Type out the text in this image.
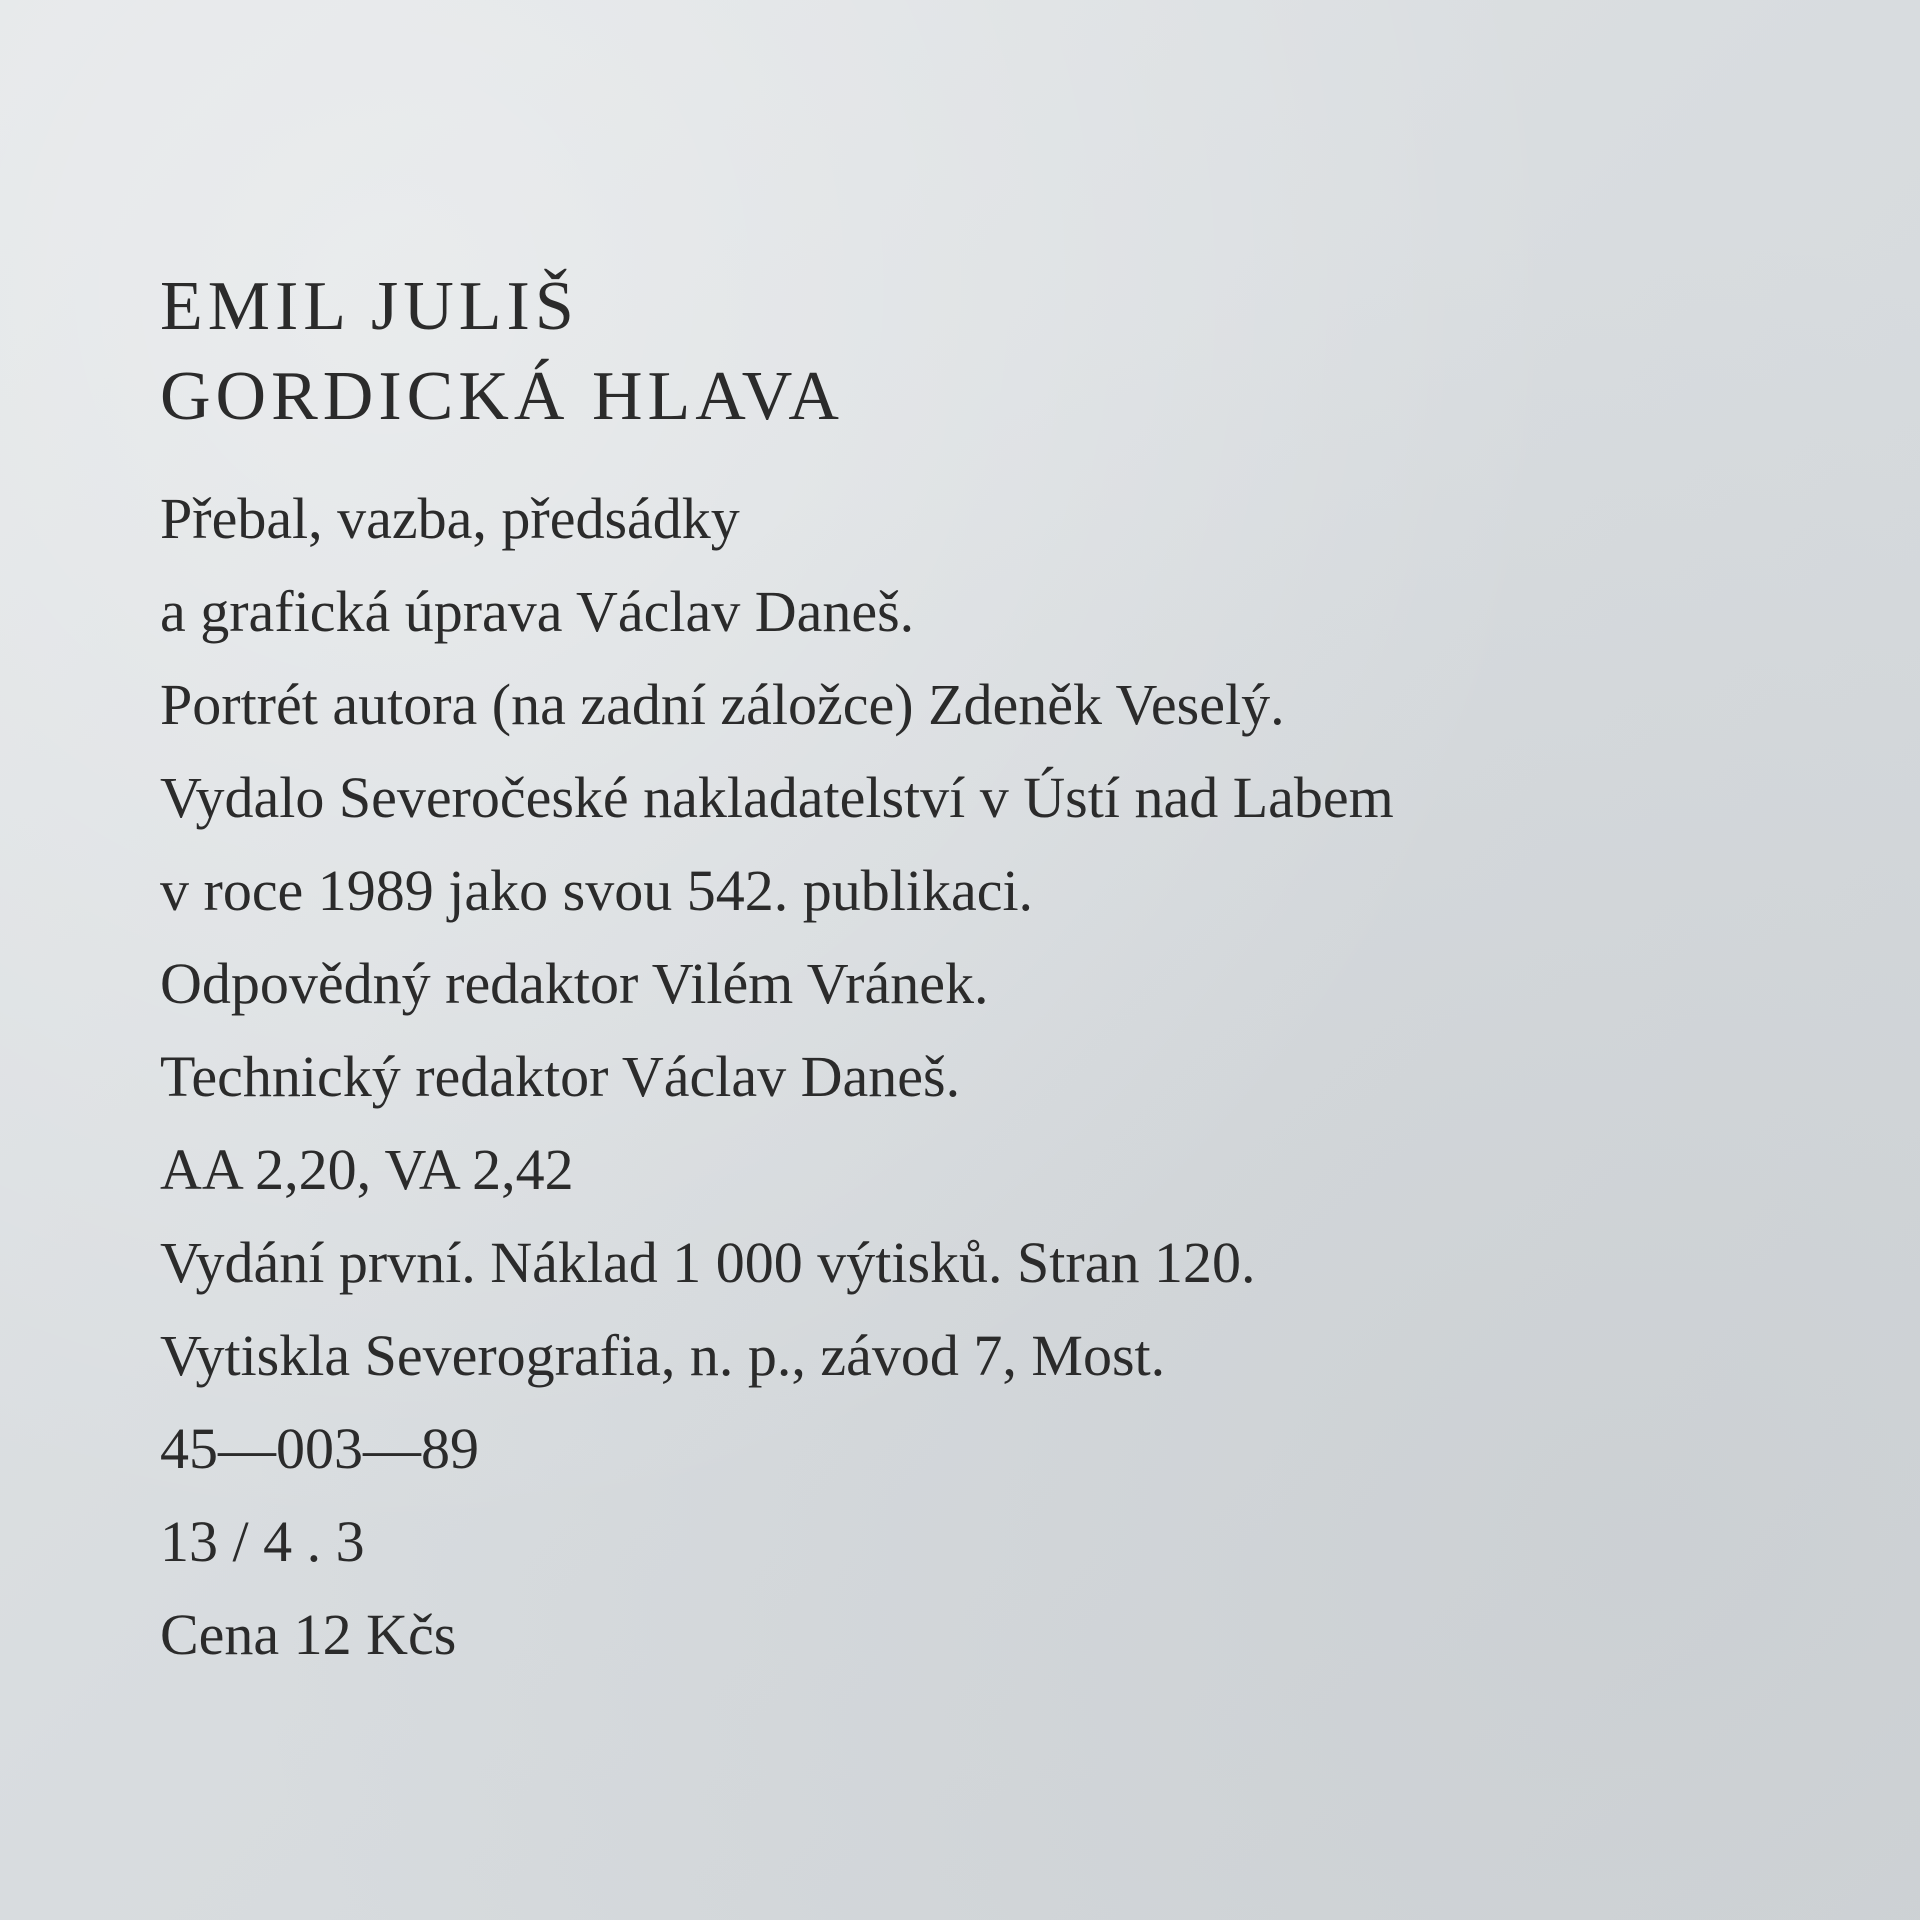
EMIL JULIŠ
GORDICKÁ HLAVA
Přebal, vazba, předsádky
a grafická úprava Václav Daneš.
Portrét autora (na zadní záložce) Zdeněk Veselý.
Vydalo Severočeské nakladatelství v Ústí nad Labem
v roce 1989 jako svou 542. publikaci.
Odpovědný redaktor Vilém Vránek.
Technický redaktor Václav Daneš.
AA 2,20, VA 2,42
Vydání první. Náklad 1 000 výtisků. Stran 120.
Vytiskla Severografia, n. p., závod 7, Most.
45—003—89
13 / 4 . 3
Cena 12 Kčs
